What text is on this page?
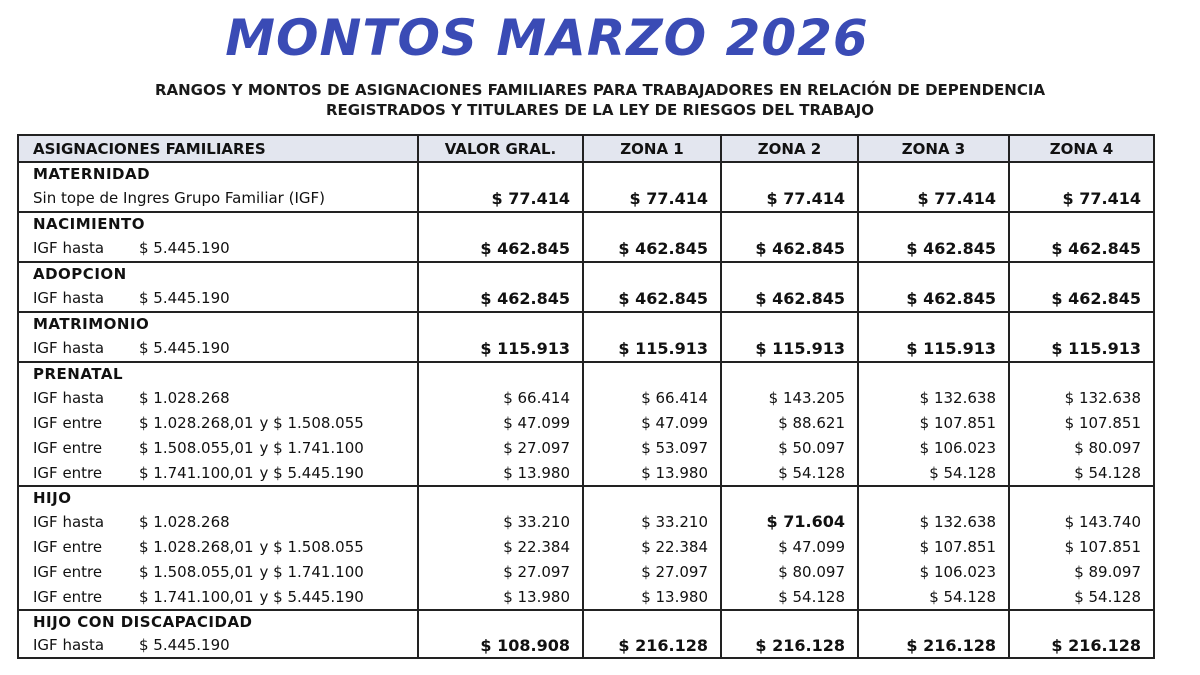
MONTOS MARZO 2026
RANGOS Y MONTOS DE ASIGNACIONES FAMILIARES PARA TRABAJADORES EN RELACIÓN DE DEPENDENCIA
REGISTRADOS Y TITULARES DE LA LEY DE RIESGOS DEL TRABAJO
ASIGNACIONES FAMILIARES	VALOR GRAL.	ZONA 1	ZONA 2	ZONA 3	ZONA 4
MATERNIDAD					
Sin tope de Ingres Grupo Familiar (IGF)	$ 77.414	$ 77.414	$ 77.414	$ 77.414	$ 77.414
NACIMIENTO					
IGF hasta $ 5.445.190	$ 462.845	$ 462.845	$ 462.845	$ 462.845	$ 462.845
ADOPCION					
IGF hasta $ 5.445.190	$ 462.845	$ 462.845	$ 462.845	$ 462.845	$ 462.845
MATRIMONIO					
IGF hasta $ 5.445.190	$ 115.913	$ 115.913	$ 115.913	$ 115.913	$ 115.913
PRENATAL					
IGF hasta $ 1.028.268	$ 66.414	$ 66.414	$ 143.205	$ 132.638	$ 132.638
IGF entre $ 1.028.268,01 y $ 1.508.055	$ 47.099	$ 47.099	$ 88.621	$ 107.851	$ 107.851
IGF entre $ 1.508.055,01 y $ 1.741.100	$ 27.097	$ 53.097	$ 50.097	$ 106.023	$ 80.097
IGF entre $ 1.741.100,01 y $ 5.445.190	$ 13.980	$ 13.980	$ 54.128	$ 54.128	$ 54.128
HIJO					
IGF hasta $ 1.028.268	$ 33.210	$ 33.210	$ 71.604	$ 132.638	$ 143.740
IGF entre $ 1.028.268,01 y $ 1.508.055	$ 22.384	$ 22.384	$ 47.099	$ 107.851	$ 107.851
IGF entre $ 1.508.055,01 y $ 1.741.100	$ 27.097	$ 27.097	$ 80.097	$ 106.023	$ 89.097
IGF entre $ 1.741.100,01 y $ 5.445.190	$ 13.980	$ 13.980	$ 54.128	$ 54.128	$ 54.128
HIJO CON DISCAPACIDAD					
IGF hasta $ 5.445.190	$ 108.908	$ 216.128	$ 216.128	$ 216.128	$ 216.128
